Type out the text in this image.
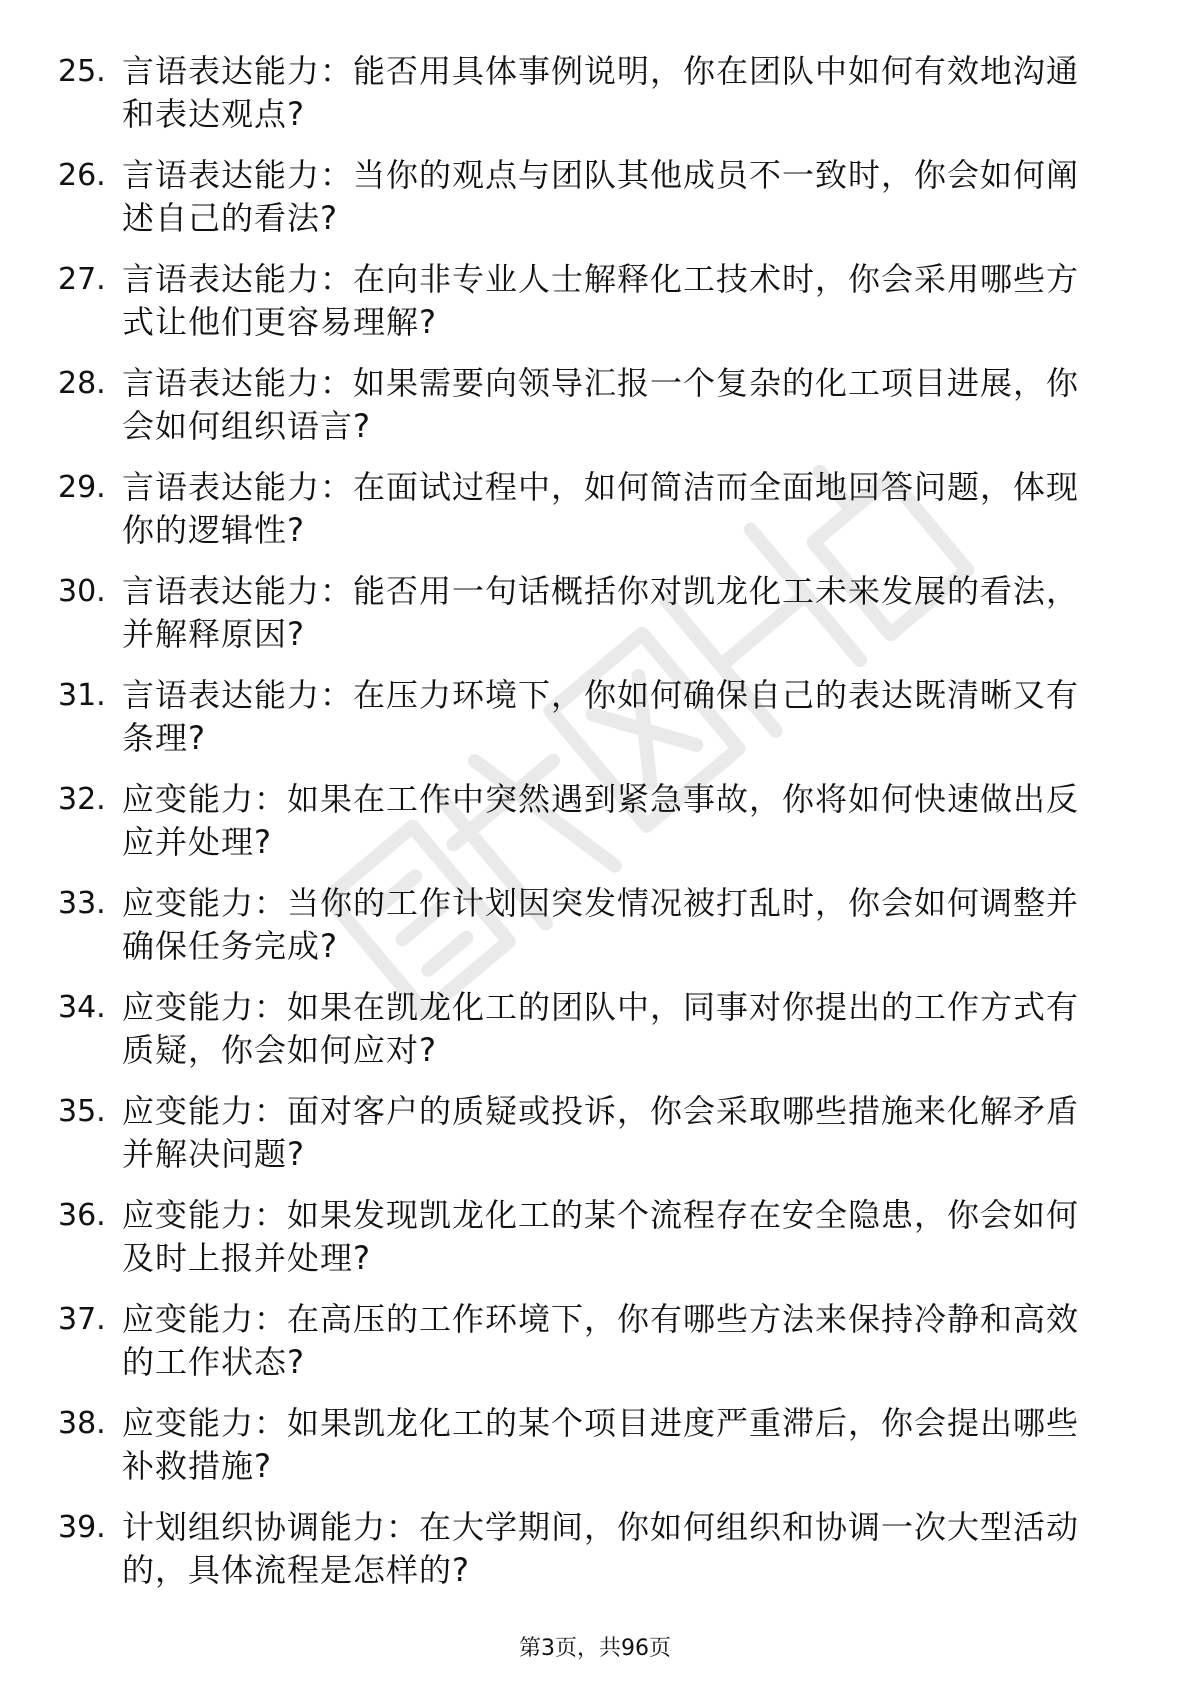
25. 言语表达能力：能否用具体事例说明，你在团队中如何有效地沟通和表达观点?
26. 言语表达能力：当你的观点与团队其他成员不一致时，你会如何阐述自己的看法?
27. 言语表达能力：在向非专业人士解释化工技术时，你会采用哪些方式让他们更容易理解?
28. 言语表达能力：如果需要向领导汇报一个复杂的化工项目进展，你会如何组织语言?
29. 言语表达能力：在面试过程中，如何简洁而全面地回答问题，体现你的逻辑性?
30. 言语表达能力：能否用一句话概括你对凯龙化工未来发展的看法，并解释原因?
31. 言语表达能力：在压力环境下，你如何确保自己的表达既清晰又有条理?
32. 应变能力：如果在工作中突然遇到紧急事故，你将如何快速做出反应并处理?
33. 应变能力：当你的工作计划因突发情况被打乱时，你会如何调整并确保任务完成?
34. 应变能力：如果在凯龙化工的团队中，同事对你提出的工作方式有质疑，你会如何应对?
35. 应变能力：面对客户的质疑或投诉，你会采取哪些措施来化解矛盾并解决问题?
36. 应变能力：如果发现凯龙化工的某个流程存在安全隐患，你会如何及时上报并处理?
37. 应变能力：在高压的工作环境下，你有哪些方法来保持冷静和高效的工作状态?
38. 应变能力：如果凯龙化工的某个项目进度严重滞后，你会提出哪些补救措施?
39. 计划组织协调能力：在大学期间，你如何组织和协调一次大型活动的，具体流程是怎样的?
第3页，共96页
